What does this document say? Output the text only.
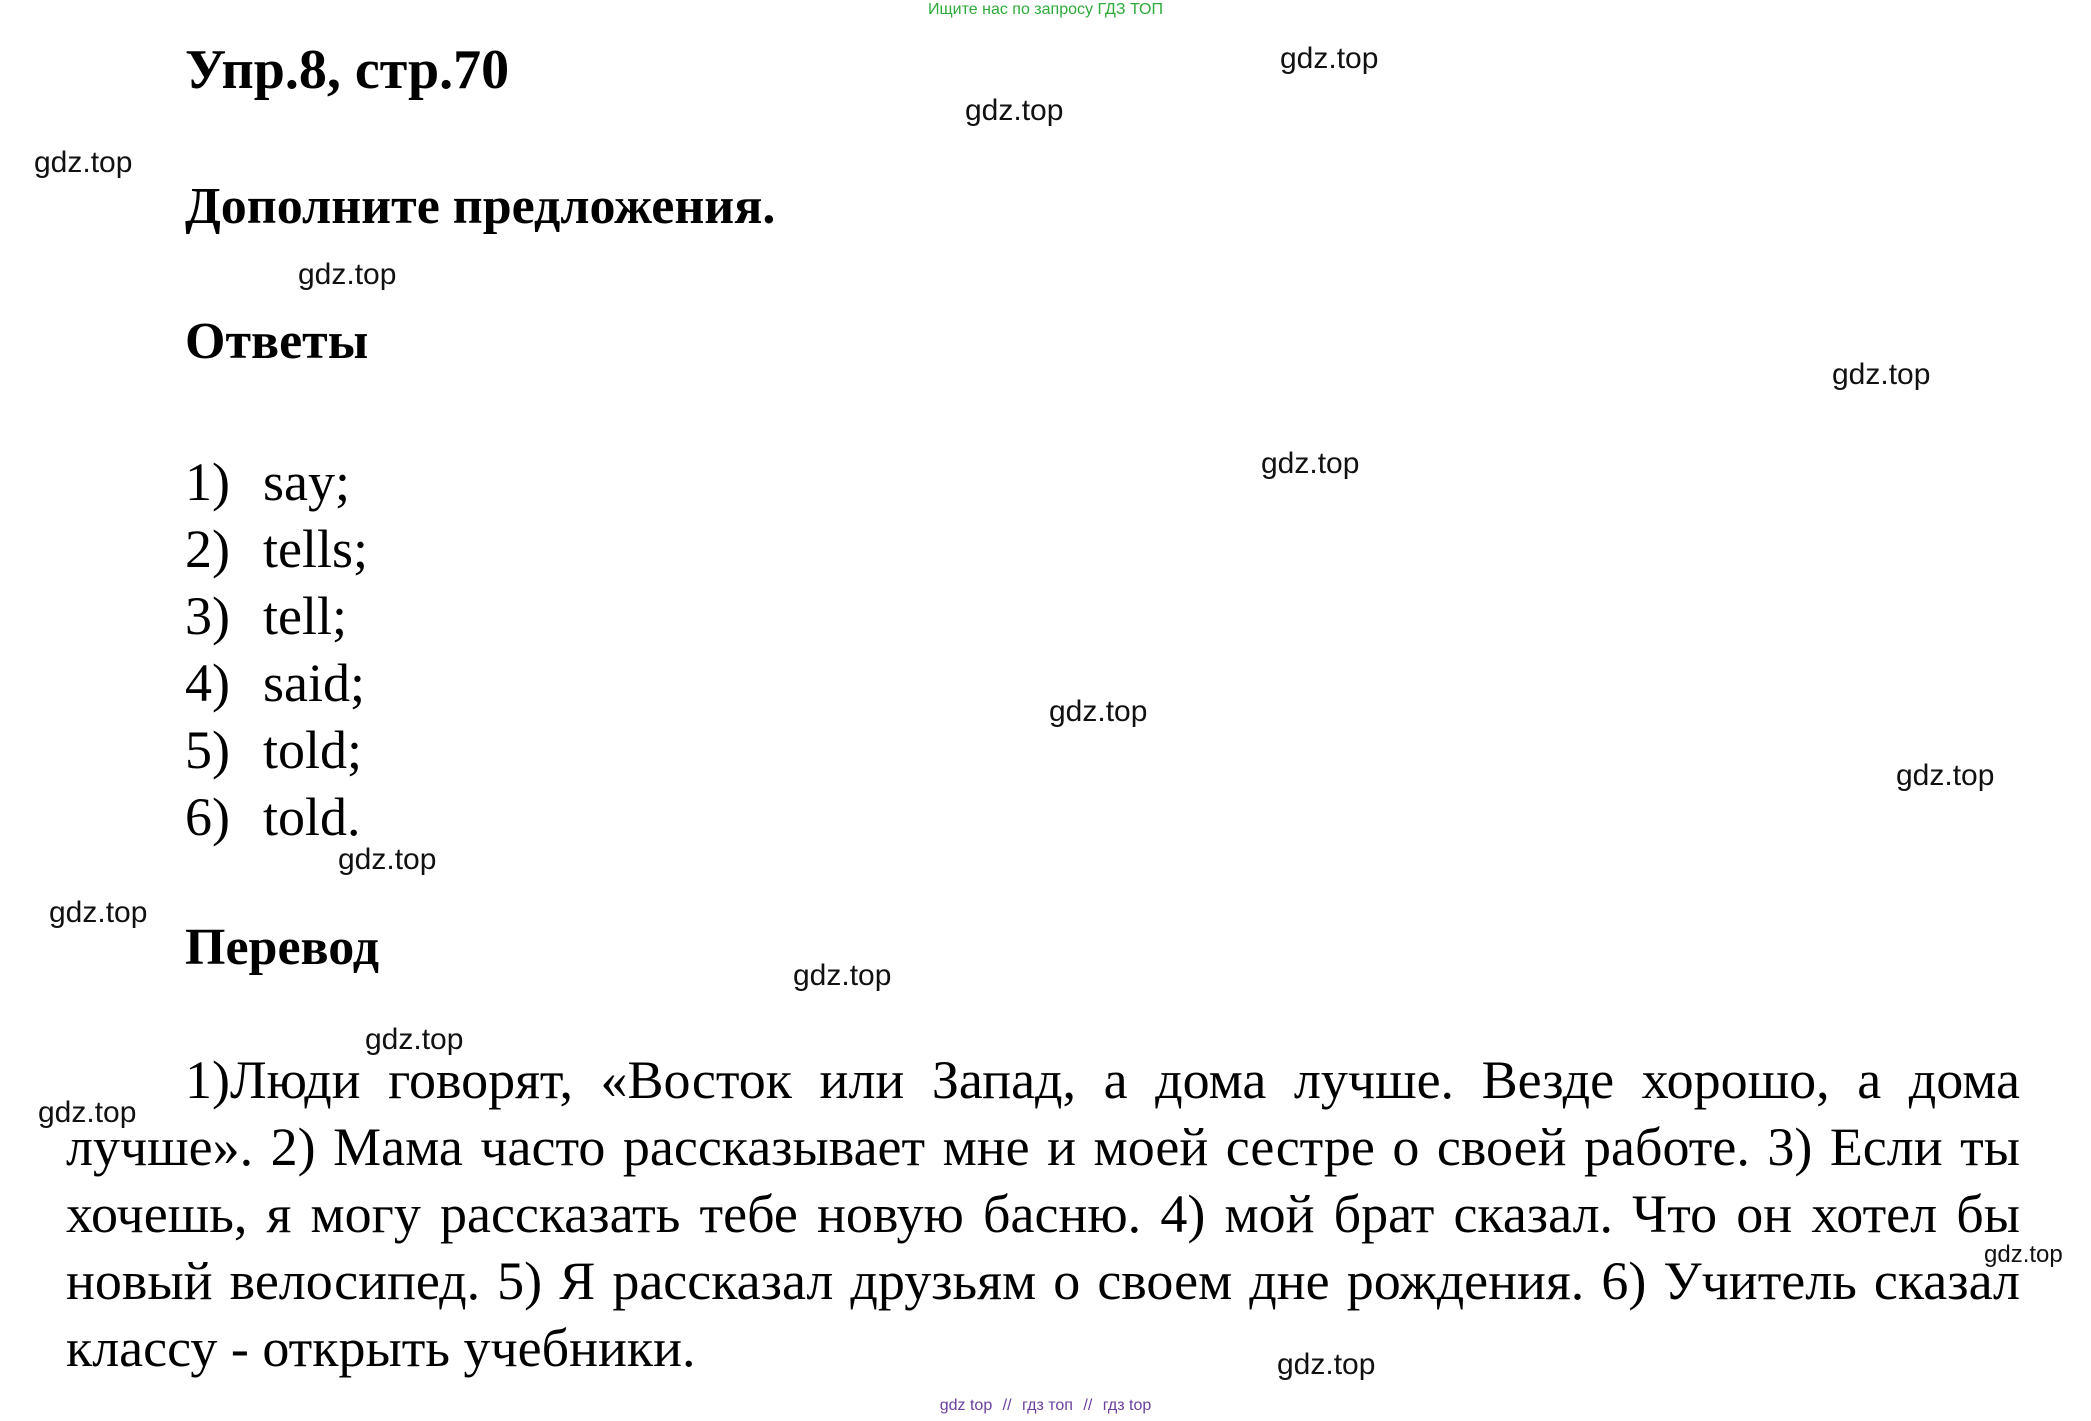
Ищите нас по запросу ГДЗ ТОП
Упр.8, стр.70
Дополните предложения.
Ответы
1) say;
2) tells;
3) tell;
4) said;
5) told;
6) told.
Перевод

1)Люди говорят, «Восток или Запад, а дома лучше. Везде хорошо, а дома лучше». 2) Мама часто рассказывает мне и моей сестре о своей работе. 3) Если ты хочешь, я могу рассказать тебе новую басню. 4) мой брат сказал. Что он хотел бы новый велосипед. 5) Я рассказал друзьям о своем дне рождения. 6) Учитель сказал классу - открыть учебники.

gdz.top
gdz.top
gdz.top
gdz.top
gdz.top
gdz.top
gdz.top
gdz.top
gdz.top
gdz.top
gdz.top
gdz.top
gdz.top
gdz.top
gdz.top
gdz top // гдз топ // гдз top
